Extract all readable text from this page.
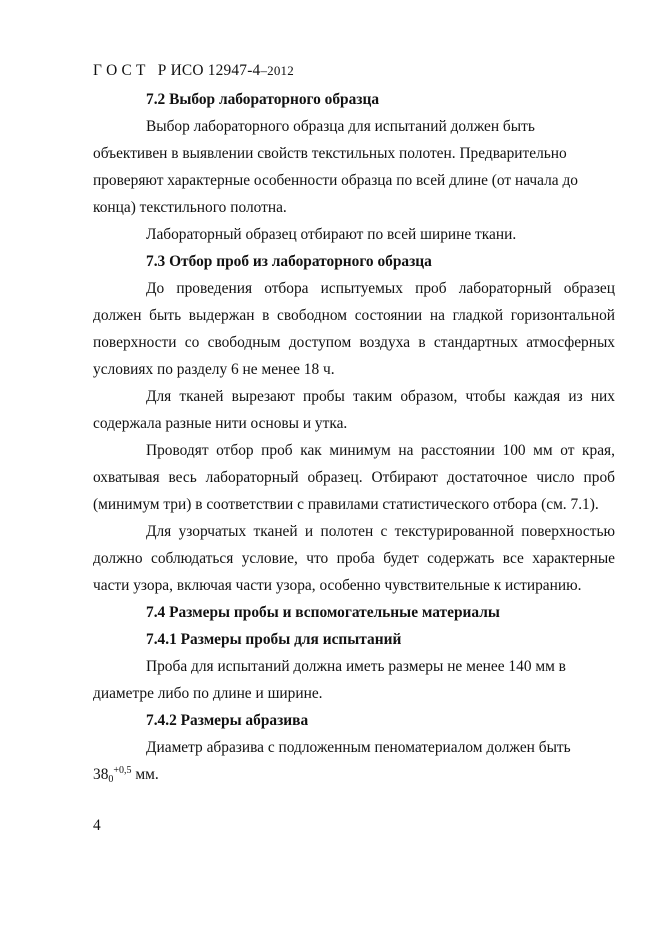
Г О С Т Р ИСО 12947-4–2012
7.2 Выбор лабораторного образца
Выбор лабораторного образца для испытаний должен быть
объективен в выявлении свойств текстильных полотен. Предварительно
проверяют характерные особенности образца по всей длине (от начала до
конца) текстильного полотна.
Лабораторный образец отбирают по всей ширине ткани.
7.3 Отбор проб из лабораторного образца
До проведения отбора испытуемых проб лабораторный образец
должен быть выдержан в свободном состоянии на гладкой горизонтальной
поверхности со свободным доступом воздуха в стандартных атмосферных
условиях по разделу 6 не менее 18 ч.
Для тканей вырезают пробы таким образом, чтобы каждая из них
содержала разные нити основы и утка.
Проводят отбор проб как минимум на расстоянии 100 мм от края,
охватывая весь лабораторный образец. Отбирают достаточное число проб
(минимум три) в соответствии с правилами статистического отбора (см. 7.1).
Для узорчатых тканей и полотен с текстурированной поверхностью
должно соблюдаться условие, что проба будет содержать все характерные
части узора, включая части узора, особенно чувствительные к истиранию.
7.4 Размеры пробы и вспомогательные материалы
7.4.1 Размеры пробы для испытаний
Проба для испытаний должна иметь размеры не менее 140 мм в
диаметре либо по длине и ширине.
7.4.2 Размеры абразива
Диаметр абразива с подложенным пеноматериалом должен быть
$38_0^{+0,5}$ мм.
4
